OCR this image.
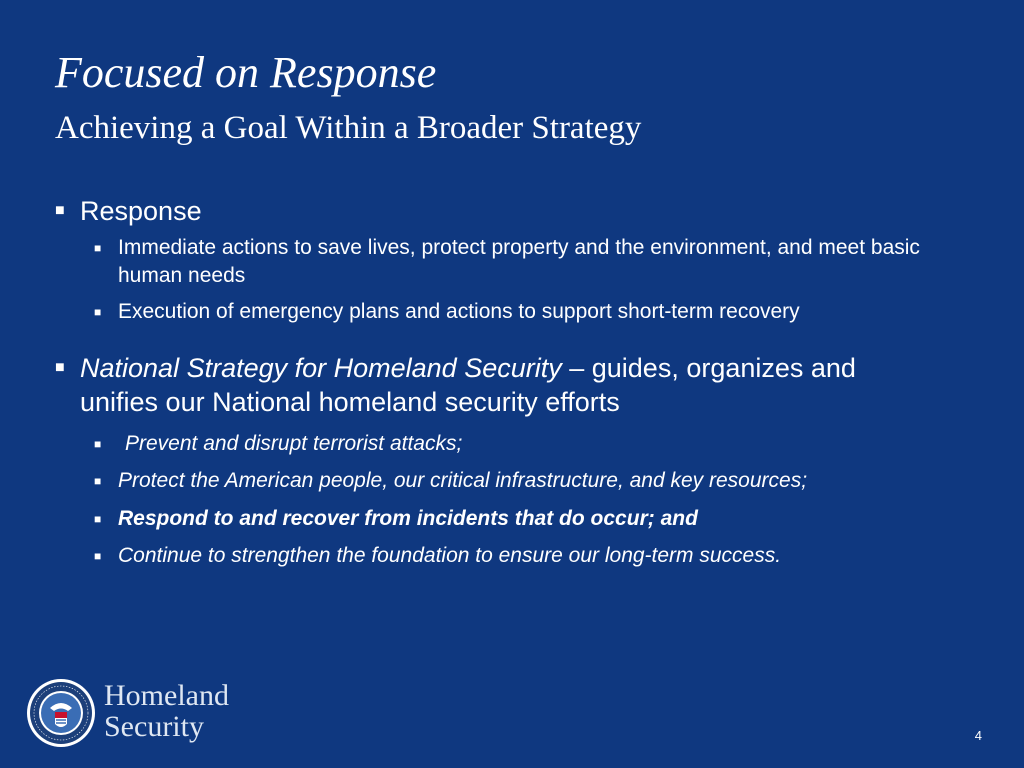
Focused on Response
Achieving a Goal Within a Broader Strategy
■ Response
■ Immediate actions to save lives, protect property and the environment, and meet basic human needs
■ Execution of emergency plans and actions to support short-term recovery
■ National Strategy for Homeland Security – guides, organizes and unifies our National homeland security efforts
■ Prevent and disrupt terrorist attacks;
■ Protect the American people, our critical infrastructure, and key resources;
■ Respond to and recover from incidents that do occur; and
■ Continue to strengthen the foundation to ensure our long-term success.
Homeland
Security	4
